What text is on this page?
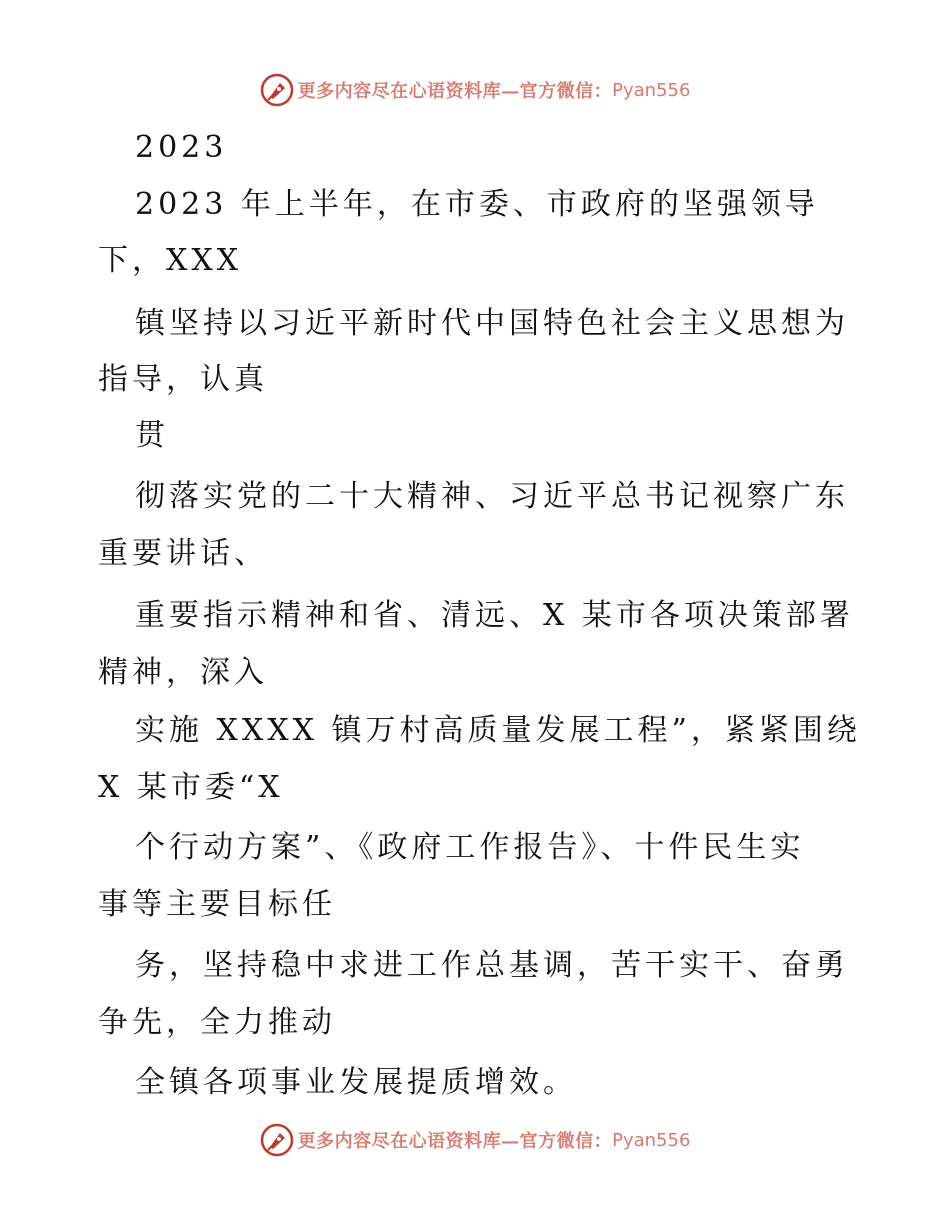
更多内容尽在心语资料库—官方微信： Pyan556
2023
2023 年上半年，在市委、市政府的坚强领导
下，XXX
镇坚持以习近平新时代中国特色社会主义思想为
指导，认真
贯
彻落实党的二十大精神、习近平总书记视察广东
重要讲话、
重要指示精神和省、清远、X 某市各项决策部署
精神，深入
实施 XXXX 镇万村高质量发展工程”，紧紧围绕
X 某市委“X
个行动方案”、《政府工作报告》、十件民生实
事等主要目标任
务，坚持稳中求进工作总基调，苦干实干、奋勇
争先，全力推动
全镇各项事业发展提质增效。
更多内容尽在心语资料库—官方微信： Pyan556
